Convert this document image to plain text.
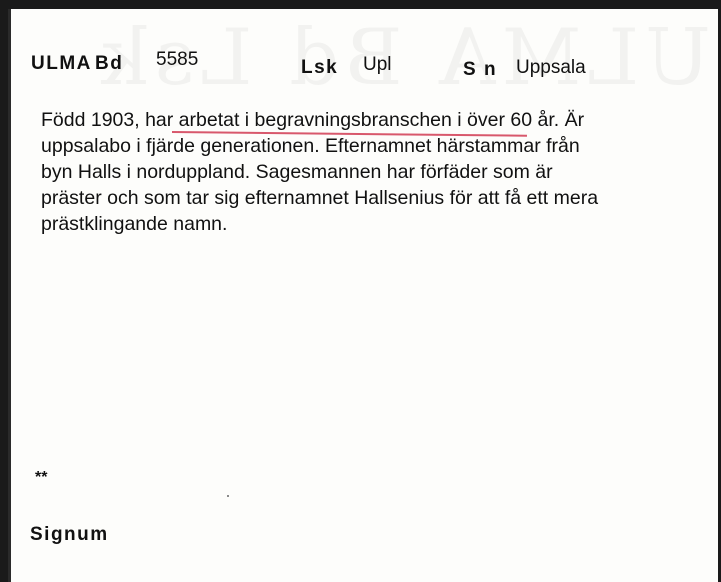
ULMA Bd 5585	Lsk Upl	S n Uppsala
Född 1903, har arbetat i begravningsbranschen i över 60 år. Är
uppsalabo i fjärde generationen. Efternamnet härstammar från
byn Halls i norduppland. Sagesmannen har förfäder som är
präster och som tar sig efternamnet Hallsenius för att få ett mera
prästklingande namn.
**
Signum
